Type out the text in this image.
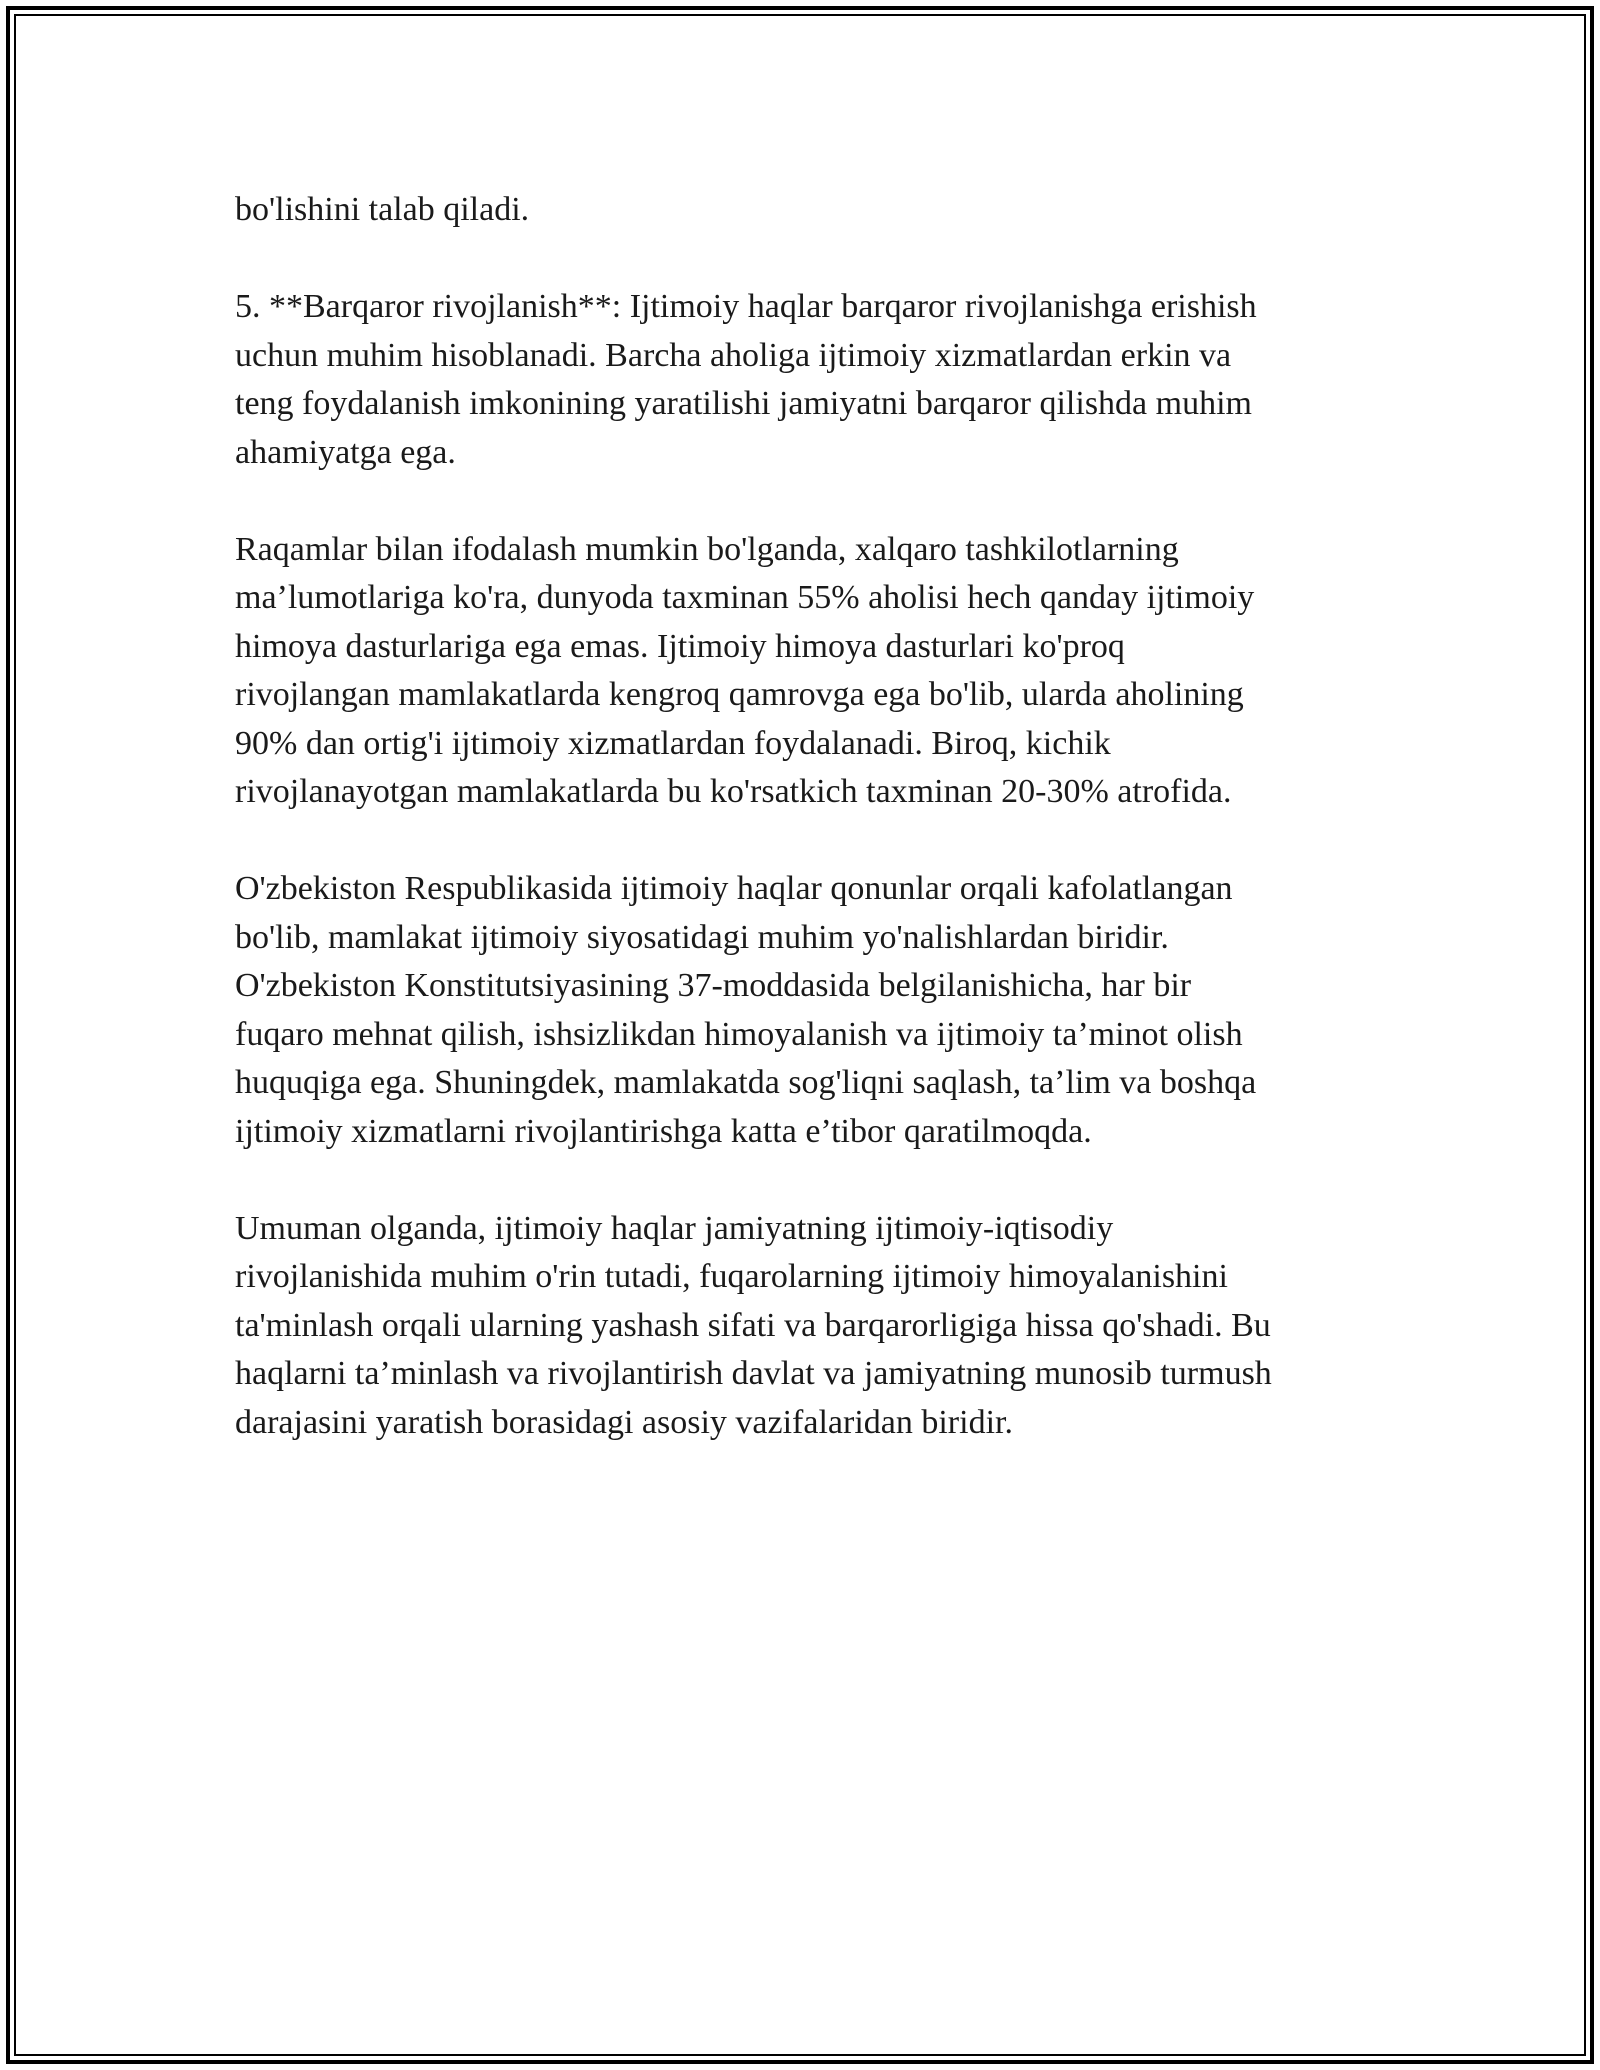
bo'lishini talab qiladi.

5. **Barqaror rivojlanish**: Ijtimoiy haqlar barqaror rivojlanishga erishish
uchun muhim hisoblanadi. Barcha aholiga ijtimoiy xizmatlardan erkin va
teng foydalanish imkonining yaratilishi jamiyatni barqaror qilishda muhim
ahamiyatga ega.

Raqamlar bilan ifodalash mumkin bo'lganda, xalqaro tashkilotlarning
ma’lumotlariga ko'ra, dunyoda taxminan 55% aholisi hech qanday ijtimoiy
himoya dasturlariga ega emas. Ijtimoiy himoya dasturlari ko'proq
rivojlangan mamlakatlarda kengroq qamrovga ega bo'lib, ularda aholining
90% dan ortig'i ijtimoiy xizmatlardan foydalanadi. Biroq, kichik
rivojlanayotgan mamlakatlarda bu ko'rsatkich taxminan 20-30% atrofida.

O'zbekiston Respublikasida ijtimoiy haqlar qonunlar orqali kafolatlangan
bo'lib, mamlakat ijtimoiy siyosatidagi muhim yo'nalishlardan biridir.
O'zbekiston Konstitutsiyasining 37-moddasida belgilanishicha, har bir
fuqaro mehnat qilish, ishsizlikdan himoyalanish va ijtimoiy ta’minot olish
huquqiga ega. Shuningdek, mamlakatda sog'liqni saqlash, ta’lim va boshqa
ijtimoiy xizmatlarni rivojlantirishga katta e’tibor qaratilmoqda.

Umuman olganda, ijtimoiy haqlar jamiyatning ijtimoiy-iqtisodiy
rivojlanishida muhim o'rin tutadi, fuqarolarning ijtimoiy himoyalanishini
ta'minlash orqali ularning yashash sifati va barqarorligiga hissa qo'shadi. Bu
haqlarni ta’minlash va rivojlantirish davlat va jamiyatning munosib turmush
darajasini yaratish borasidagi asosiy vazifalaridan biridir.
